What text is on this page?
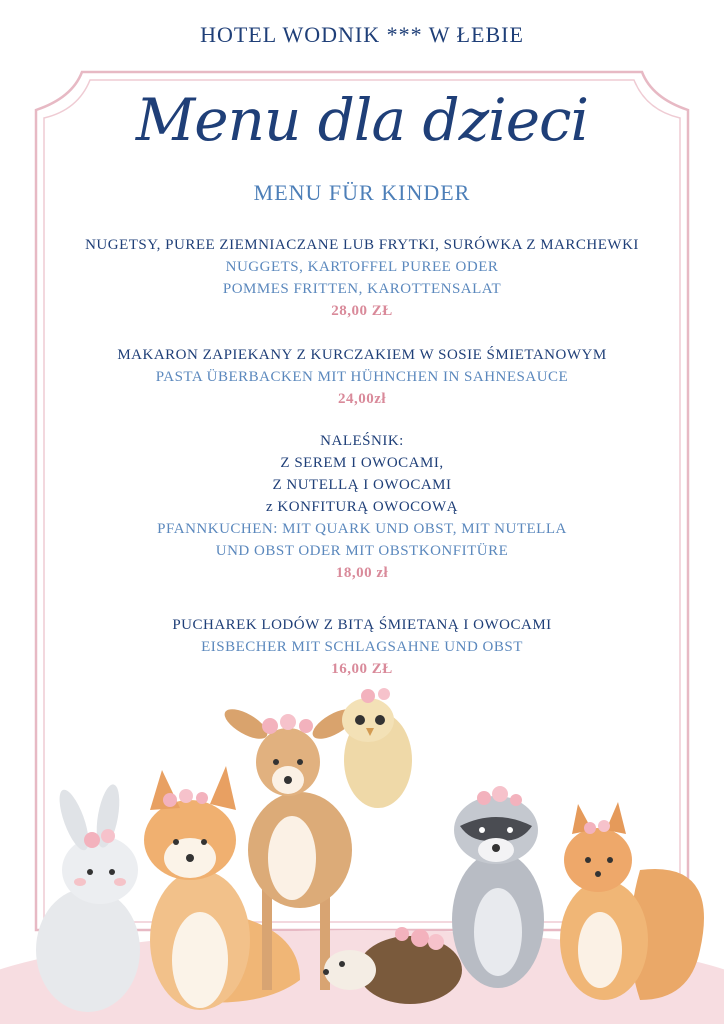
HOTEL WODNIK *** W ŁEBIE
Menu dla dzieci
MENU FÜR KINDER
NUGETSY, PUREE ZIEMNIACZANE LUB FRYTKI, SURÓWKA Z MARCHEWKI
NUGGETS, KARTOFFEL PUREE ODER
POMMES FRITTEN, KAROTTENSALAT
28,00 ZŁ
MAKARON ZAPIEKANY Z KURCZAKIEM W SOSIE ŚMIETANOWYM
PASTA ÜBERBACKEN MIT HÜHNCHEN IN SAHNESAUCE
24,00zł
NALEŚNIK:
Z SEREM I OWOCAMI,
Z NUTELLĄ I OWOCAMI
z KONFITURĄ OWOCOWĄ
PFANNKUCHEN: MIT QUARK UND OBST, MIT NUTELLA
UND OBST ODER MIT OBSTKONFITÜRE
18,00 zł
PUCHAREK LODÓW Z BITĄ ŚMIETANĄ I OWOCAMI
EISBECHER MIT SCHLAGSAHNE UND OBST
16,00 ZŁ
